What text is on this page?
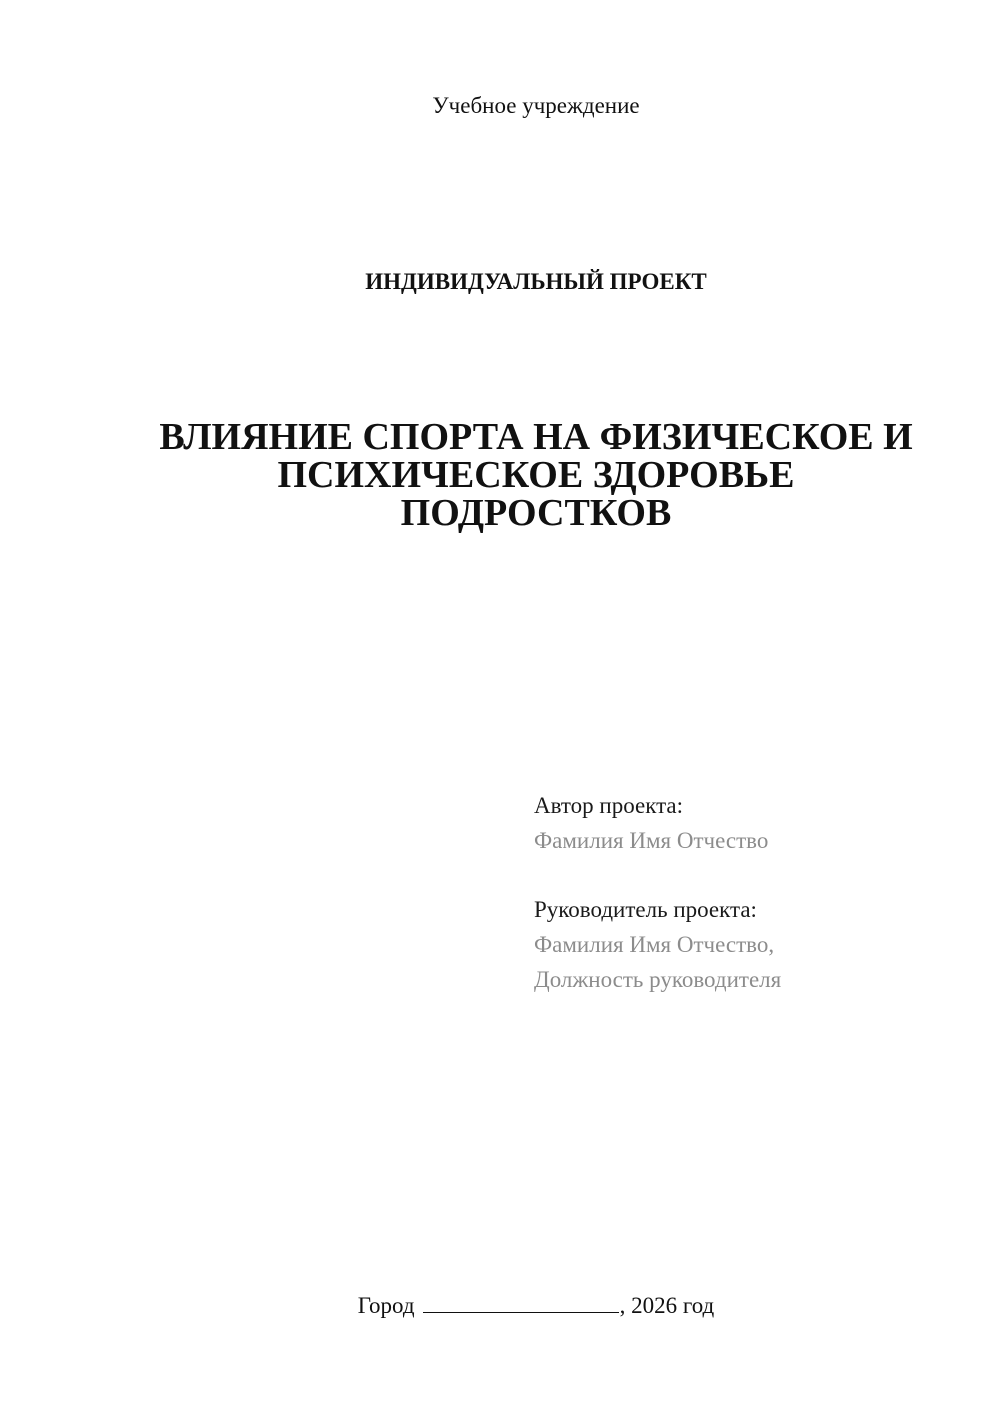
Учебное учреждение
ИНДИВИДУАЛЬНЫЙ ПРОЕКТ
ВЛИЯНИЕ СПОРТА НА ФИЗИЧЕСКОЕ И
ПСИХИЧЕСКОЕ ЗДОРОВЬЕ
ПОДРОСТКОВ
Автор проекта:
Фамилия Имя Отчество
Руководитель проекта:
Фамилия Имя Отчество,
Должность руководителя
Город	, 2026 год
